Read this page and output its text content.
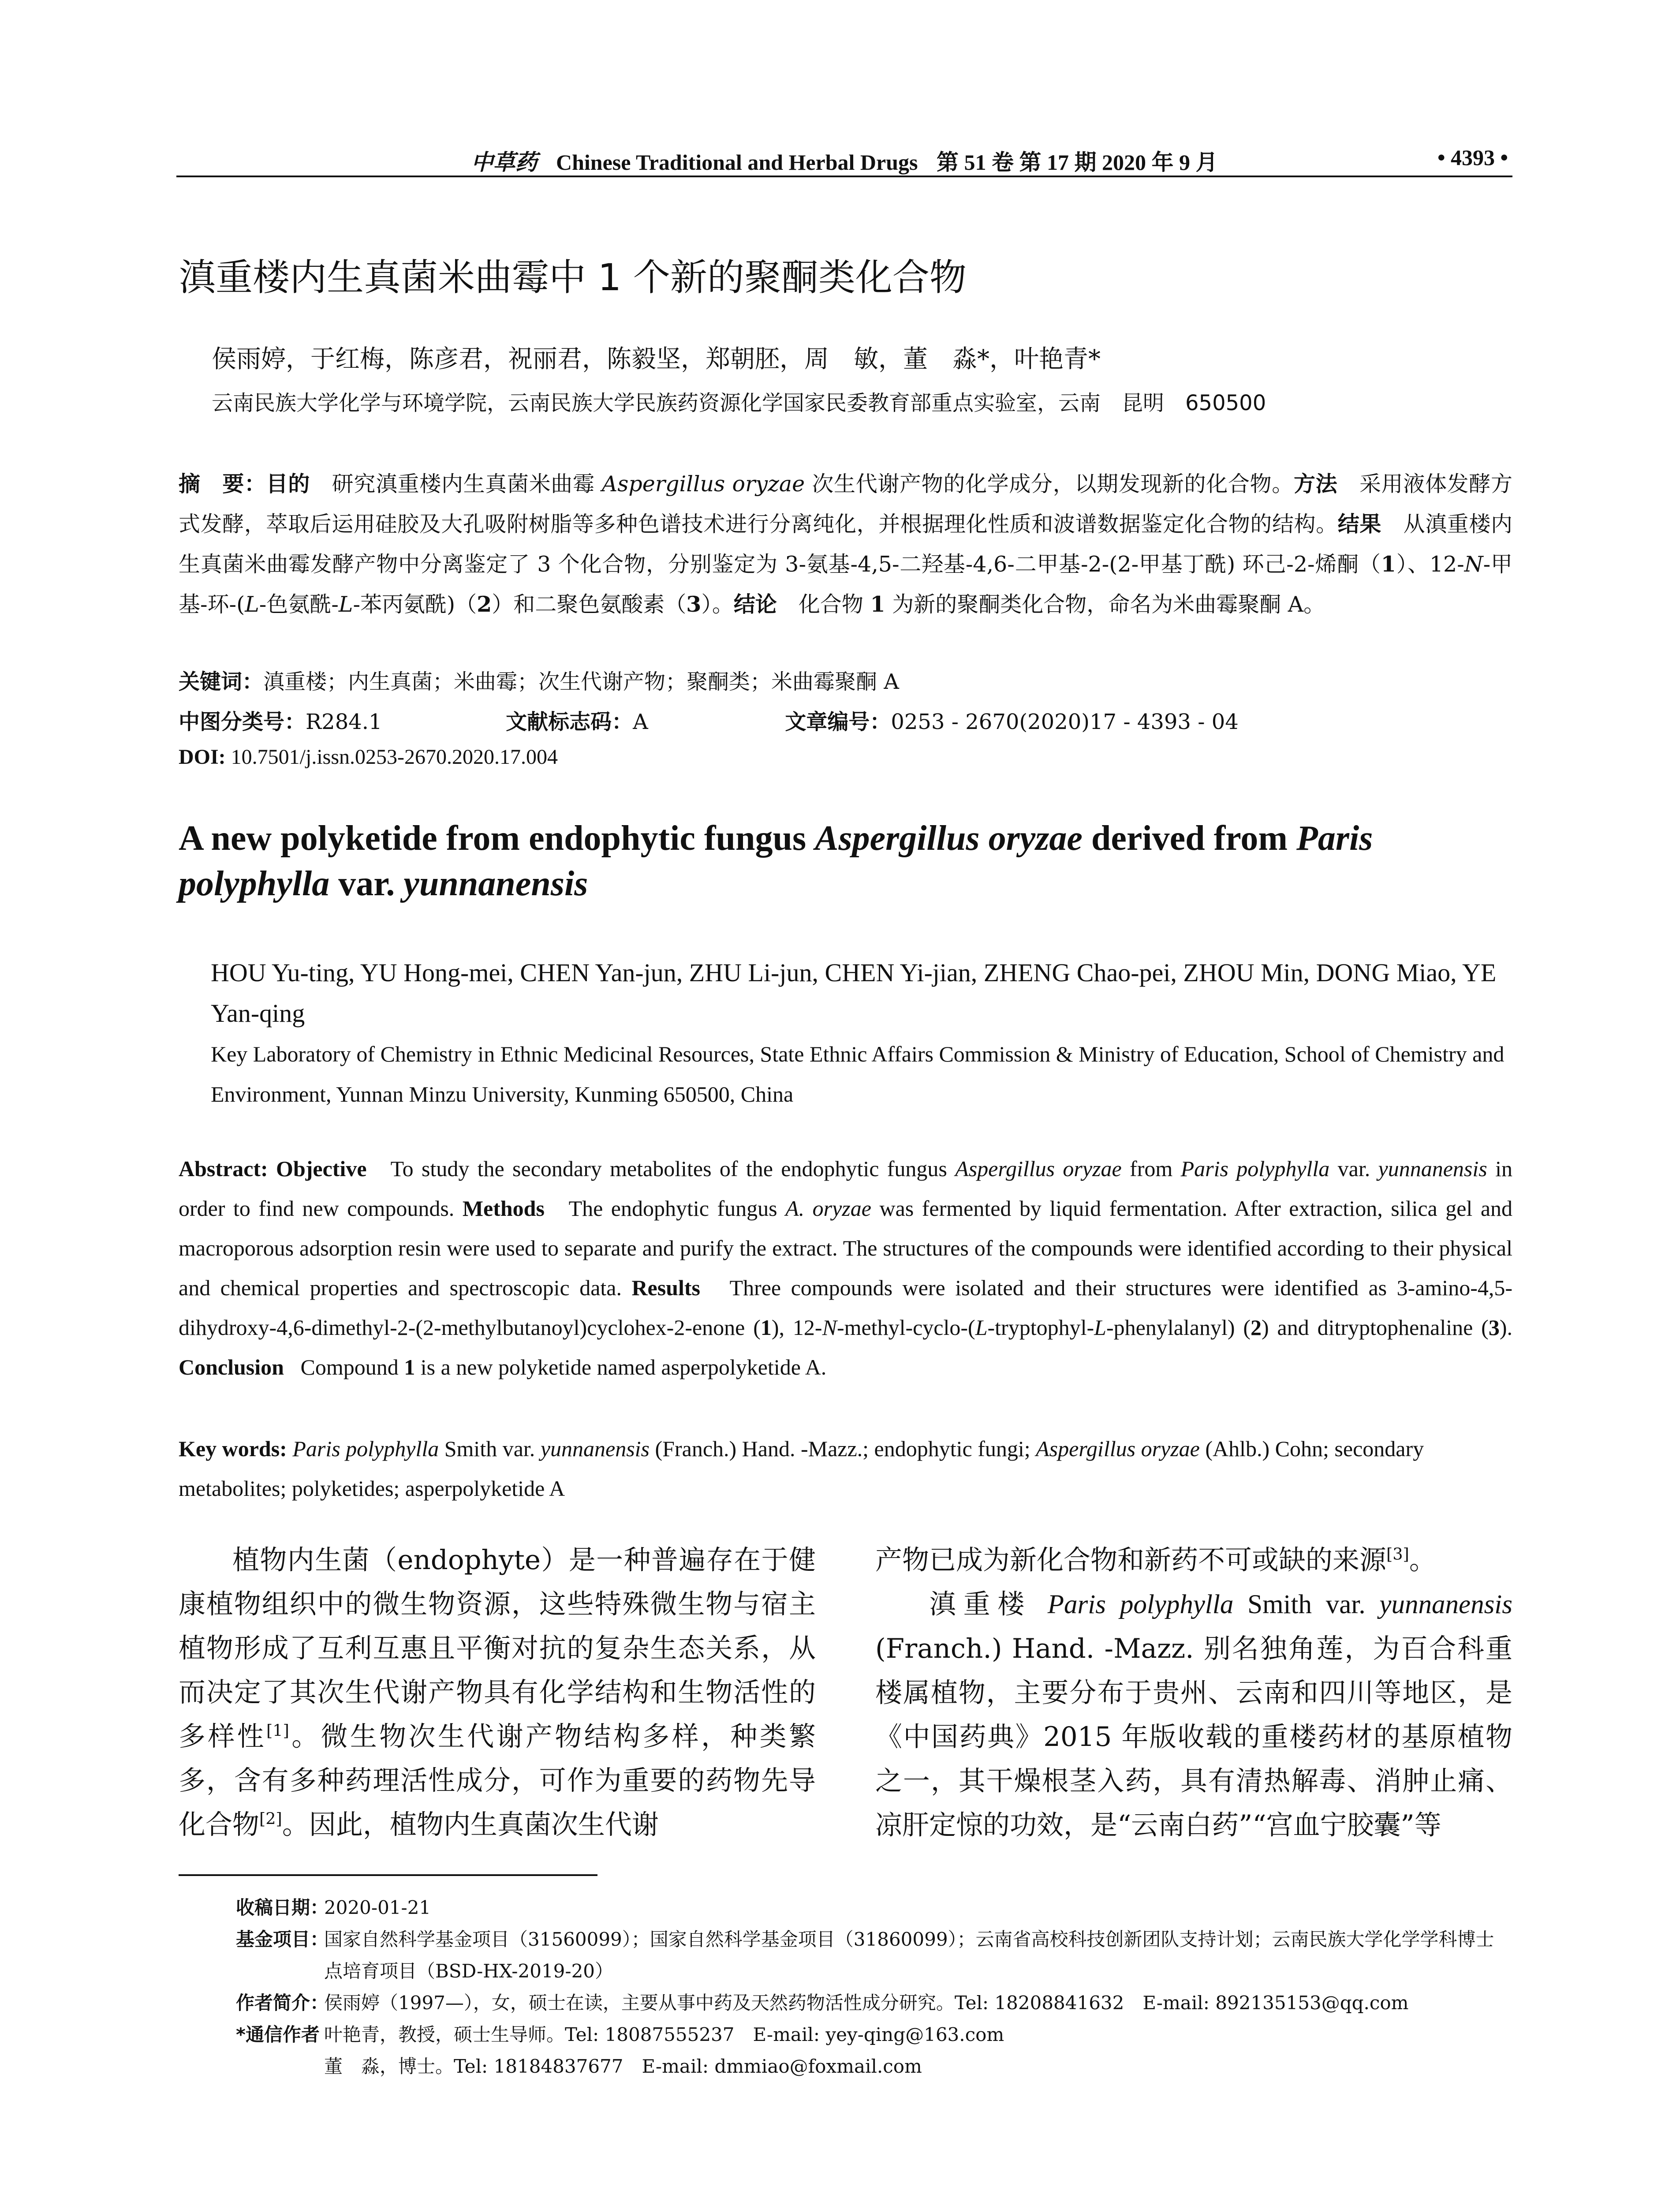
中草药 Chinese Traditional and Herbal Drugs 第 51 卷 第 17 期 2020 年 9 月	• 4393 •
滇重楼内生真菌米曲霉中 1 个新的聚酮类化合物
侯雨婷，于红梅，陈彦君，祝丽君，陈毅坚，郑朝胚，周　敏，董　淼*，叶艳青*
云南民族大学化学与环境学院，云南民族大学民族药资源化学国家民委教育部重点实验室，云南　昆明　650500
摘　要：目的　 研究滇重楼内生真菌米曲霉 Aspergillus oryzae 次生代谢产物的化学成分，以期发现新的化合物。方法　 采用液体发酵方式发酵，萃取后运用硅胶及大孔吸附树脂等多种色谱技术进行分离纯化，并根据理化性质和波谱数据鉴定化合物的结构。结果　 从滇重楼内生真菌米曲霉发酵产物中分离鉴定了 3 个化合物，分别鉴定为 3-氨基-4,5-二羟基-4,6-二甲基-2-(2-甲基丁酰) 环己-2-烯酮（1）、12-N-甲基-环-(L-色氨酰-L-苯丙氨酰)（2）和二聚色氨酸素（3）。结论　 化合物 1 为新的聚酮类化合物，命名为米曲霉聚酮 A。
关键词：滇重楼；内生真菌；米曲霉；次生代谢产物；聚酮类；米曲霉聚酮 A
中图分类号：R284.1	文献标志码：A	文章编号：0253 - 2670(2020)17 - 4393 - 04
DOI: 10.7501/j.issn.0253-2670.2020.17.004
A new polyketide from endophytic fungus Aspergillus oryzae derived from Paris polyphylla var. yunnanensis
HOU Yu-ting, YU Hong-mei, CHEN Yan-jun, ZHU Li-jun, CHEN Yi-jian, ZHENG Chao-pei, ZHOU Min, DONG Miao, YE Yan-qing
Key Laboratory of Chemistry in Ethnic Medicinal Resources, State Ethnic Affairs Commission & Ministry of Education, School of Chemistry and Environment, Yunnan Minzu University, Kunming 650500, China
Abstract: Objective To study the secondary metabolites of the endophytic fungus Aspergillus oryzae from Paris polyphylla var. yunnanensis in order to find new compounds. Methods The endophytic fungus A. oryzae was fermented by liquid fermentation. After extraction, silica gel and macroporous adsorption resin were used to separate and purify the extract. The structures of the compounds were identified according to their physical and chemical properties and spectroscopic data. Results Three compounds were isolated and their structures were identified as 3-amino-4,5-dihydroxy-4,6-dimethyl-2-(2-methylbutanoyl)cyclohex-2-enone (1), 12-N-methyl-cyclo-(L-tryptophyl-L-phenylalanyl) (2) and ditryptophenaline (3). Conclusion Compound 1 is a new polyketide named asperpolyketide A.
Key words: Paris polyphylla Smith var. yunnanensis (Franch.) Hand. -Mazz.; endophytic fungi; Aspergillus oryzae (Ahlb.) Cohn; secondary metabolites; polyketides; asperpolyketide A

植物内生菌（endophyte）是一种普遍存在于健康植物组织中的微生物资源，这些特殊微生物与宿主植物形成了互利互惠且平衡对抗的复杂生态关系，从而决定了其次生代谢产物具有化学结构和生物活性的多样性[1]。微生物次生代谢产物结构多样，种类繁多，含有多种药理活性成分，可作为重要的药物先导化合物[2]。因此，植物内生真菌次生代谢

产物已成为新化合物和新药不可或缺的来源[3]。

滇重楼 Paris polyphylla Smith var. yunnanensis (Franch.) Hand. -Mazz. 别名独角莲，为百合科重楼属植物，主要分布于贵州、云南和四川等地区，是《中国药典》2015 年版收载的重楼药材的基原植物之一，其干燥根茎入药，具有清热解毒、消肿止痛、凉肝定惊的功效，是“云南白药”“宫血宁胶囊”等

收稿日期：
2020-01-21
基金项目：
国家自然科学基金项目（31560099）；国家自然科学基金项目（31860099）；云南省高校科技创新团队支持计划；云南民族大学化学学科博士点培育项目（BSD-HX-2019-20）
作者简介：
侯雨婷（1997—），女，硕士在读，主要从事中药及天然药物活性成分研究。Tel: 18208841632　E-mail: 892135153@qq.com
*通信作者 叶艳青，教授，硕士生导师。Tel: 18087555237　E-mail: yey-qing@163.com
董　淼，博士。Tel: 18184837677　E-mail: dmmiao@foxmail.com
